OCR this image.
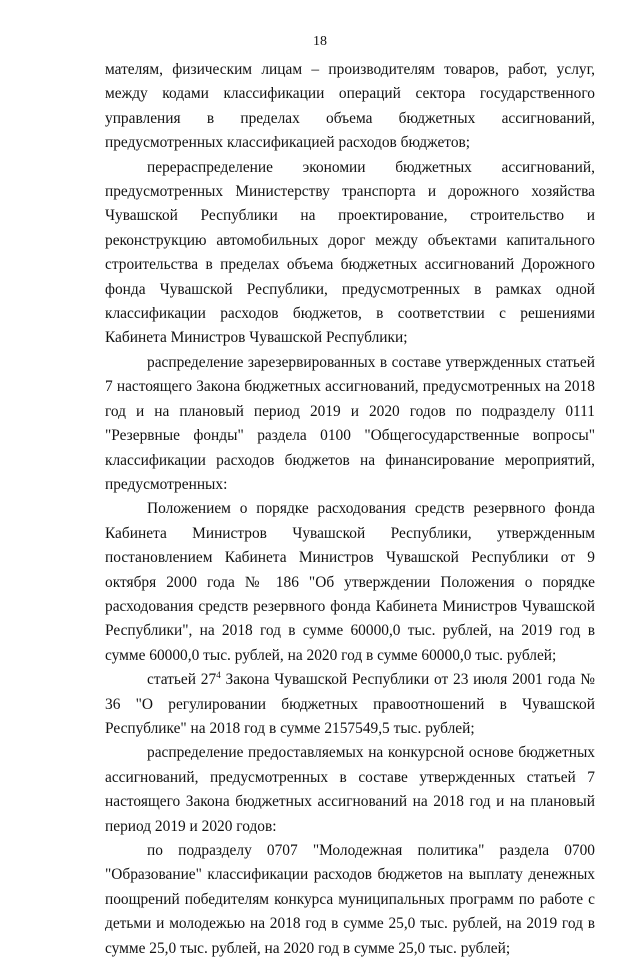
18

мателям, физическим лицам – производителям товаров, работ, услуг, между кодами классификации операций сектора государственного управления в пределах объема бюджетных ассигнований, предусмотренных классификацией расходов бюджетов;

перераспределение экономии бюджетных ассигнований, предусмотренных Министерству транспорта и дорожного хозяйства Чувашской Республики на проектирование, строительство и реконструкцию автомобильных дорог между объектами капитального строительства в пределах объема бюджетных ассигнований Дорожного фонда Чувашской Республики, предусмотренных в рамках одной классификации расходов бюджетов, в соответствии с решениями Кабинета Министров Чувашской Республики;

распределение зарезервированных в составе утвержденных статьей 7 настоящего Закона бюджетных ассигнований, предусмотренных на 2018 год и на плановый период 2019 и 2020 годов по подразделу 0111 "Резервные фонды" раздела 0100 "Общегосударственные вопросы" классификации расходов бюджетов на финансирование мероприятий, предусмотренных:

Положением о порядке расходования средств резервного фонда Кабинета Министров Чувашской Республики, утвержденным постановлением Кабинета Министров Чувашской Республики от 9 октября 2000 года № 186 "Об утверждении Положения о порядке расходования средств резервного фонда Кабинета Министров Чувашской Республики", на 2018 год в сумме 60000,0 тыс. рублей, на 2019 год в сумме 60000,0 тыс. рублей, на 2020 год в сумме 60000,0 тыс. рублей;

статьей $27^4$ Закона Чувашской Республики от 23 июля 2001 года № 36 "О регулировании бюджетных правоотношений в Чувашской Республике" на 2018 год в сумме 2157549,5 тыс. рублей;

распределение предоставляемых на конкурсной основе бюджетных ассигнований, предусмотренных в составе утвержденных статьей 7 настоящего Закона бюджетных ассигнований на 2018 год и на плановый период 2019 и 2020 годов:

по подразделу 0707 "Молодежная политика" раздела 0700 "Образование" классификации расходов бюджетов на выплату денежных поощрений победителям конкурса муниципальных программ по работе с детьми и молодежью на 2018 год в сумме 25,0 тыс. рублей, на 2019 год в сумме 25,0 тыс. рублей, на 2020 год в сумме 25,0 тыс. рублей;
